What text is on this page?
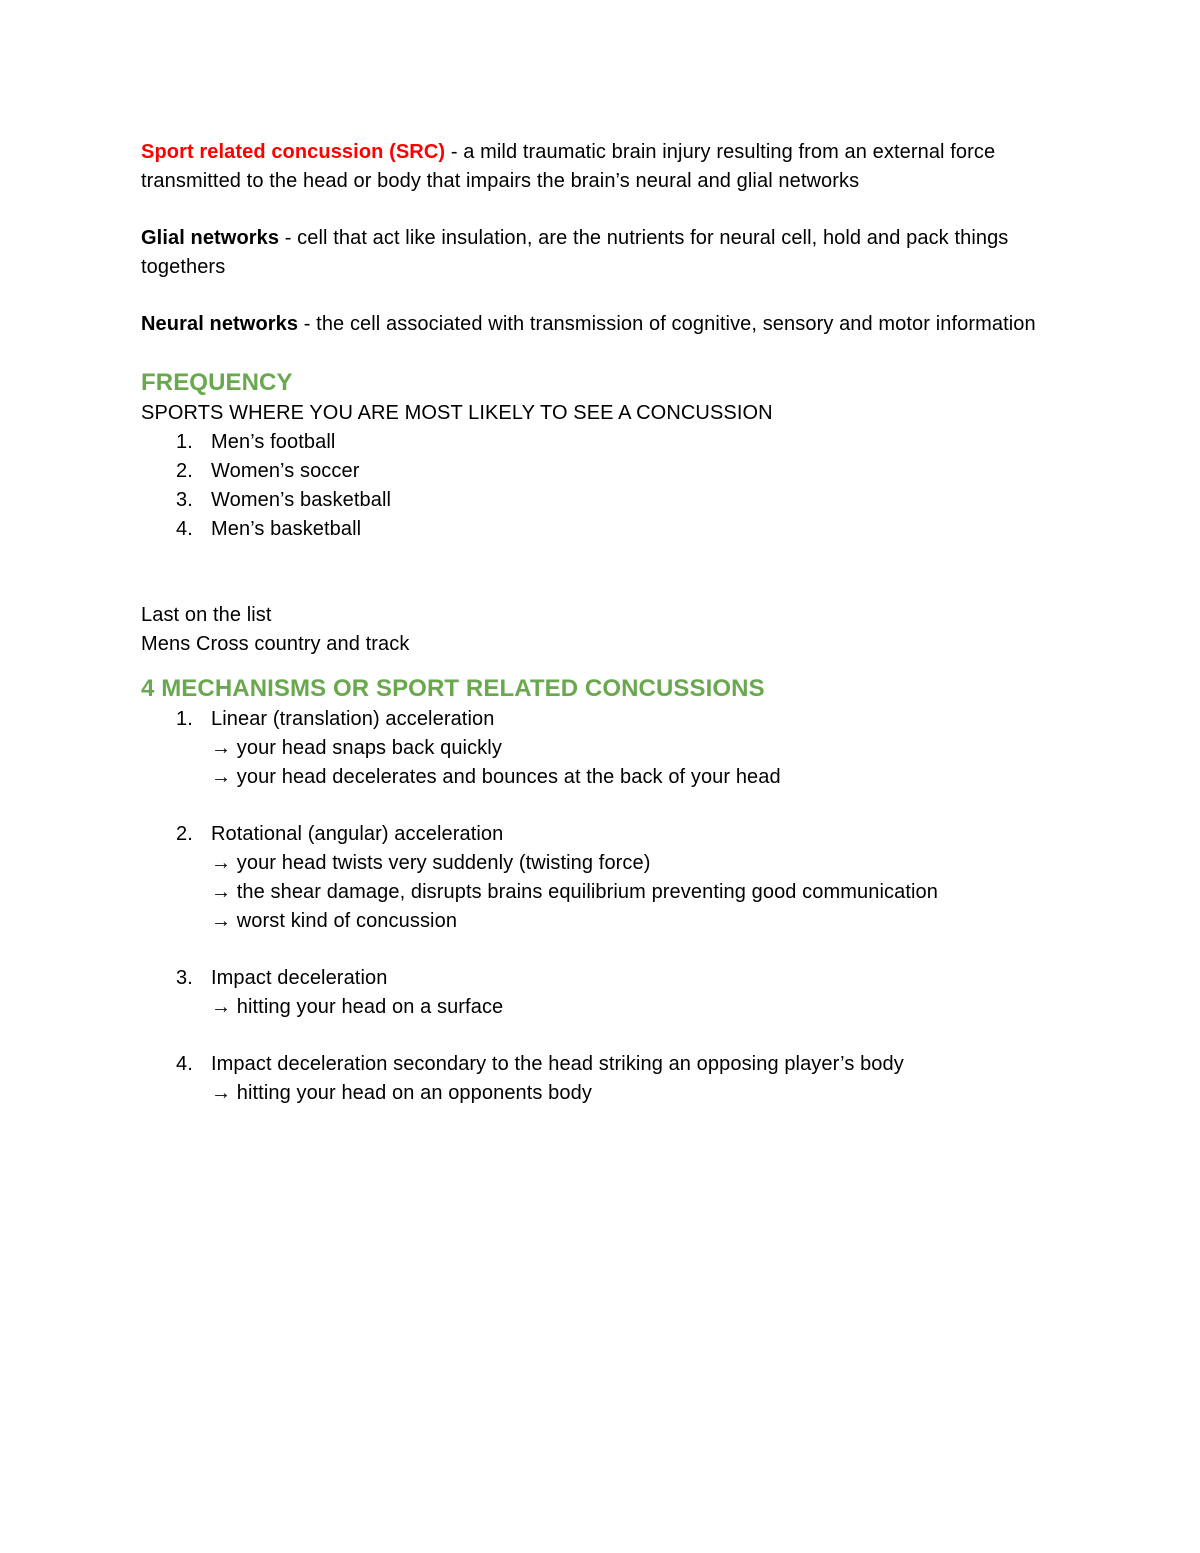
Sport related concussion (SRC) - a mild traumatic brain injury resulting from an external force transmitted to the head or body that impairs the brain’s neural and glial networks

Glial networks - cell that act like insulation, are the nutrients for neural cell, hold and pack things togethers

Neural networks - the cell associated with transmission of cognitive, sensory and motor information

FREQUENCY

SPORTS WHERE YOU ARE MOST LIKELY TO SEE A CONCUSSION

1. Men’s football
2. Women’s soccer
3. Women’s basketball
4. Men’s basketball

Last on the list

Mens Cross country and track

4 MECHANISMS OR SPORT RELATED CONCUSSIONS
1. Linear (translation) acceleration

→ your head snaps back quickly

→ your head decelerates and bounces at the back of your head

2. Rotational (angular) acceleration

→ your head twists very suddenly (twisting force)

→ the shear damage, disrupts brains equilibrium preventing good communication

→ worst kind of concussion

3. Impact deceleration

→ hitting your head on a surface

4. Impact deceleration secondary to the head striking an opposing player’s body

→ hitting your head on an opponents body
